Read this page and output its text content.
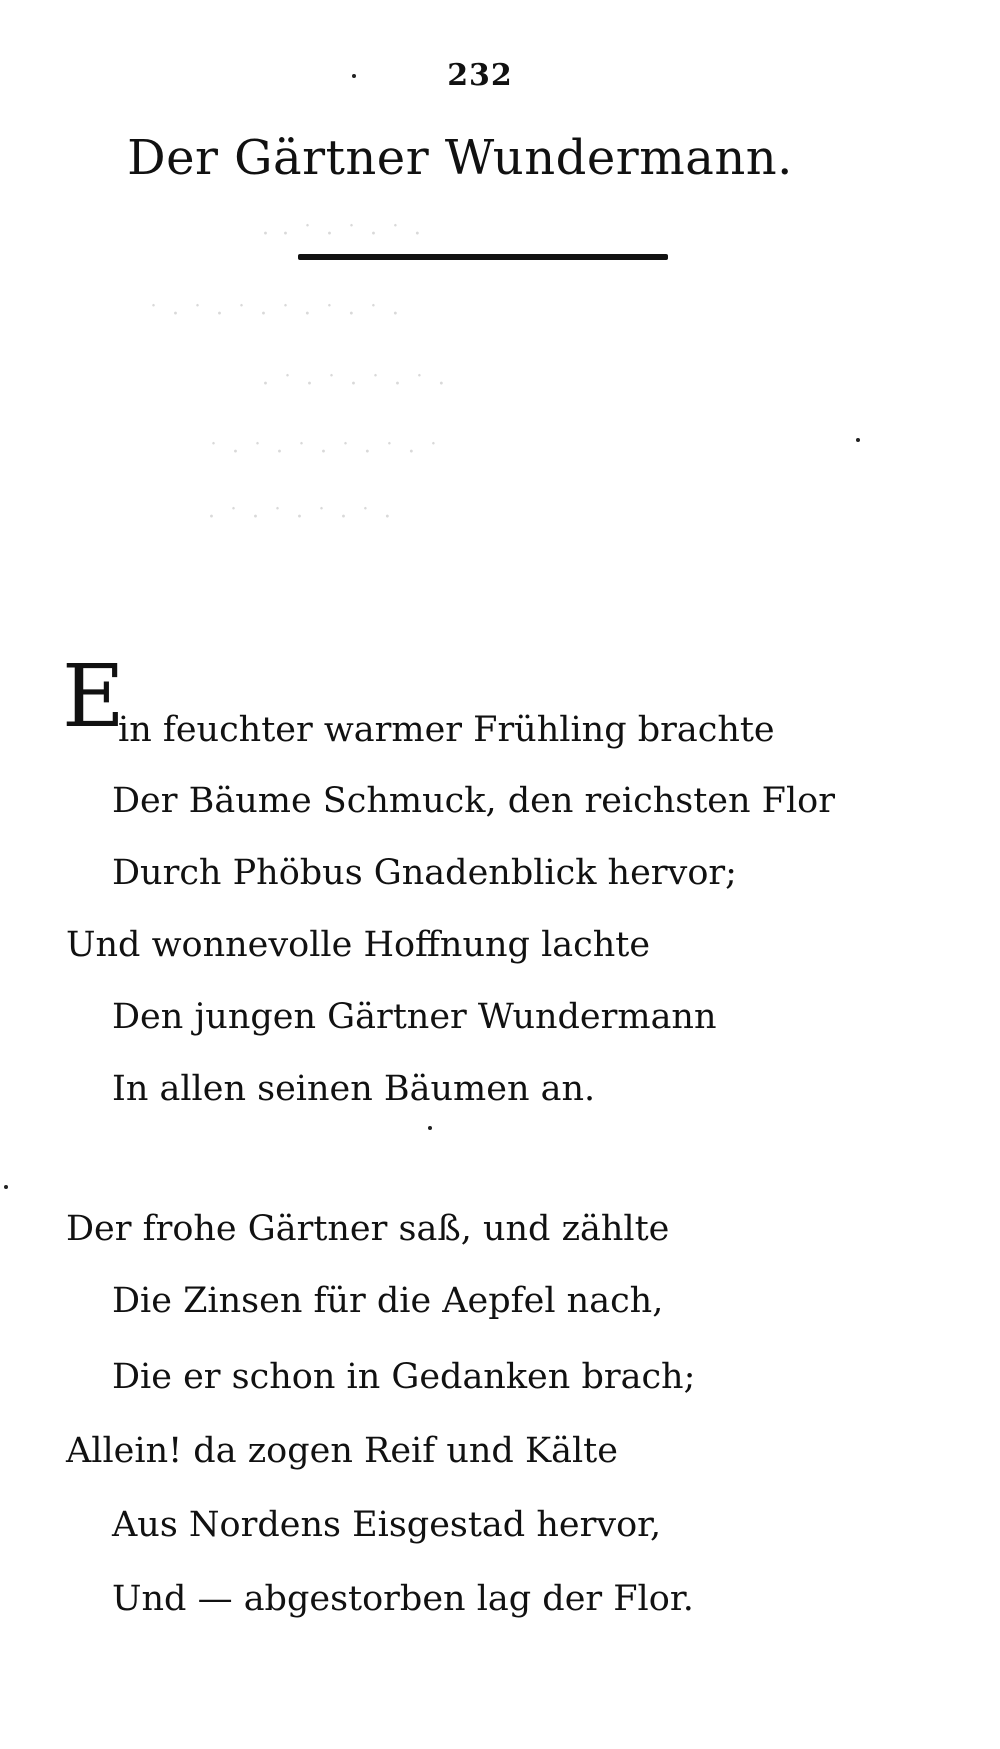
232
Der Gärtner Wundermann.
· · ˙ · ˙ · ˙ ·
˙ · ˙ · ˙ · ˙ · ˙ · ˙ ·
· ˙ · ˙ · ˙ · ˙ ·
˙ · ˙ · ˙ · ˙ · ˙ · ˙
· ˙ · ˙ · ˙ · ˙ ·
E
in feuchter warmer Frühling brachte
Der Bäume Schmuck, den reichsten Flor
Durch Phöbus Gnadenblick hervor;
Und wonnevolle Hoffnung lachte
Den jungen Gärtner Wundermann
In allen seinen Bäumen an.
Der frohe Gärtner saß, und zählte
Die Zinsen für die Aepfel nach,
Die er schon in Gedanken brach;
Allein! da zogen Reif und Kälte
Aus Nordens Eisgestad hervor,
Und — abgestorben lag der Flor.
